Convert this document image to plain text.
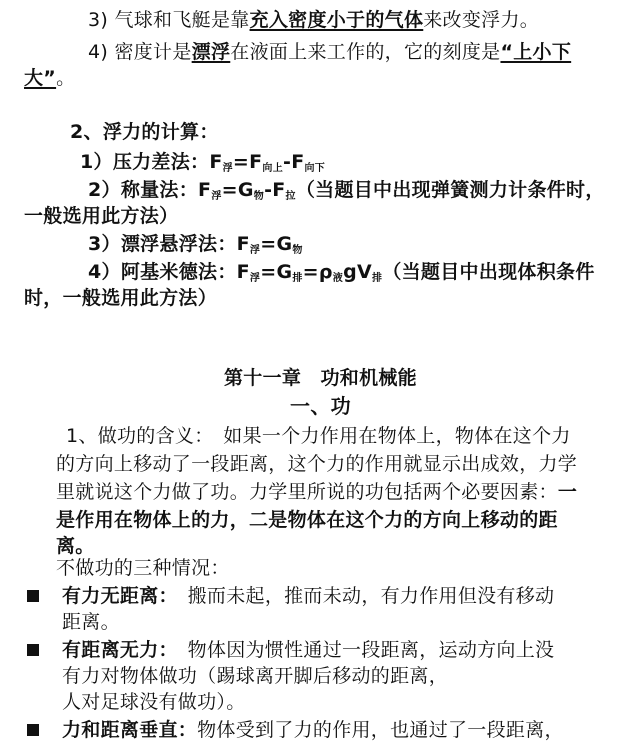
3) 气球和飞艇是靠充入密度小于的气体来改变浮力。
4) 密度计是漂浮在液面上来工作的，它的刻度是“上小下
大”。
2、浮力的计算：
1）压力差法：$F_浮=F_{向上}-F_{向下}$
2）称量法：$F_浮=G_物-F_拉$（当题目中出现弹簧测力计条件时，
一般选用此方法）
3）漂浮悬浮法：$F_浮=G_物$
4）阿基米德法：$F_浮=G_排=\rho_液gV_排$（当题目中出现体积条件
时，一般选用此方法）
第十一章　功和机械能
一、功
1、做功的含义：　如果一个力作用在物体上，物体在这个力
的方向上移动了一段距离，这个力的作用就显示出成效，力学
里就说这个力做了功。力学里所说的功包括两个必要因素：一
是作用在物体上的力，二是物体在这个力的方向上移动的距
离。
不做功的三种情况：
有力无距离：　搬而未起，推而未动，有力作用但没有移动
距离。
有距离无力：　物体因为惯性通过一段距离，运动方向上没
有力对物体做功（踢球离开脚后移动的距离，
人对足球没有做功）。
力和距离垂直：物体受到了力的作用，也通过了一段距离，
